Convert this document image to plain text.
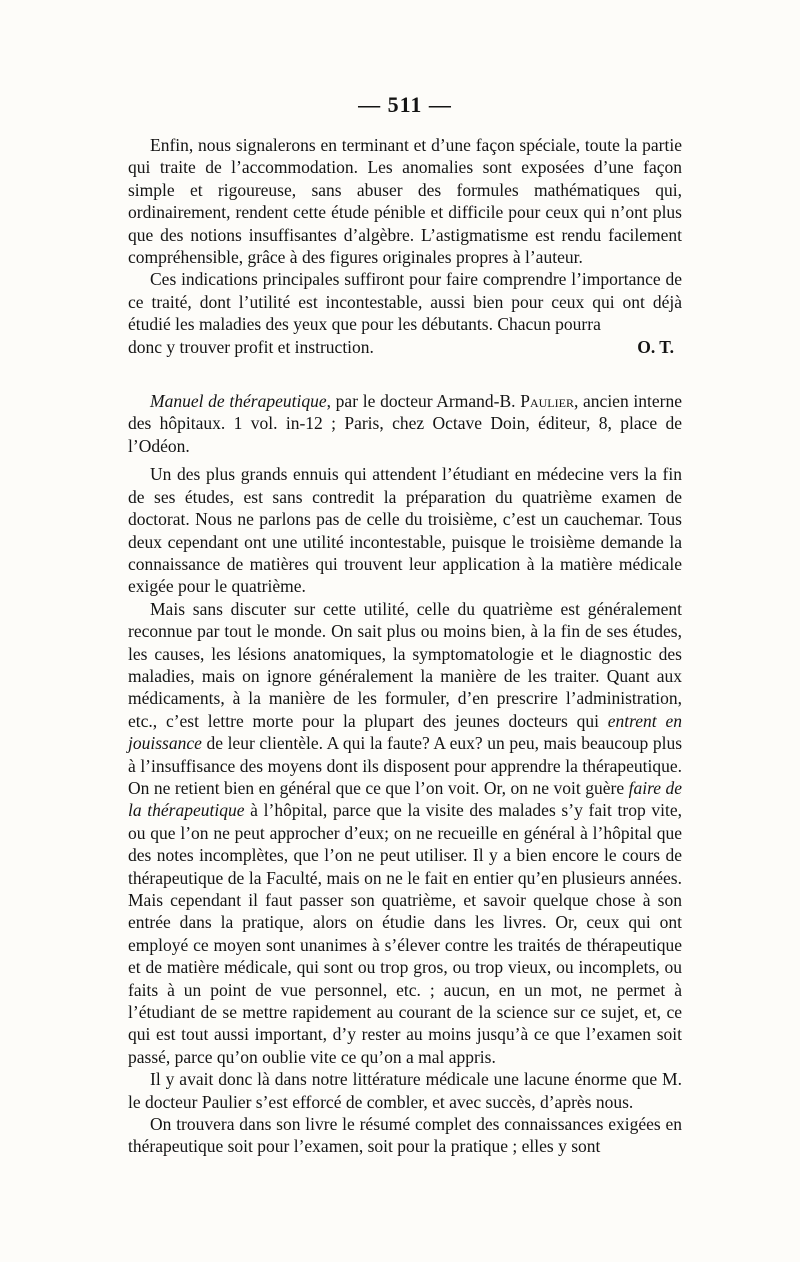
— 511 —

Enfin, nous signalerons en terminant et d’une façon spéciale, toute la partie qui traite de l’accommodation. Les anomalies sont exposées d’une façon simple et rigoureuse, sans abuser des formules mathématiques qui, ordinairement, rendent cette étude pénible et difficile pour ceux qui n’ont plus que des notions insuffisantes d’algèbre. L’astigmatisme est rendu facilement compréhensible, grâce à des figures originales propres à l’auteur.

Ces indications principales suffiront pour faire comprendre l’importance de ce traité, dont l’utilité est incontestable, aussi bien pour ceux qui ont déjà étudié les maladies des yeux que pour les débutants. Chacun pourra

donc y trouver profit et instruction.	O. T.

Manuel de thérapeutique, par le docteur Armand-B. Paulier, ancien interne des hôpitaux. 1 vol. in-12 ; Paris, chez Octave Doin, éditeur, 8, place de l’Odéon.

Un des plus grands ennuis qui attendent l’étudiant en médecine vers la fin de ses études, est sans contredit la préparation du quatrième examen de doctorat. Nous ne parlons pas de celle du troisième, c’est un cauchemar. Tous deux cependant ont une utilité incontestable, puisque le troisième demande la connaissance de matières qui trouvent leur application à la matière médicale exigée pour le quatrième.

Mais sans discuter sur cette utilité, celle du quatrième est généralement reconnue par tout le monde. On sait plus ou moins bien, à la fin de ses études, les causes, les lésions anatomiques, la symptomatologie et le diagnostic des maladies, mais on ignore généralement la manière de les traiter. Quant aux médicaments, à la manière de les formuler, d’en prescrire l’administration, etc., c’est lettre morte pour la plupart des jeunes docteurs qui entrent en jouissance de leur clientèle. A qui la faute? A eux? un peu, mais beaucoup plus à l’insuffisance des moyens dont ils disposent pour apprendre la thérapeutique. On ne retient bien en général que ce que l’on voit. Or, on ne voit guère faire de la thérapeutique à l’hôpital, parce que la visite des malades s’y fait trop vite, ou que l’on ne peut approcher d’eux; on ne recueille en général à l’hôpital que des notes incomplètes, que l’on ne peut utiliser. Il y a bien encore le cours de thérapeutique de la Faculté, mais on ne le fait en entier qu’en plusieurs années. Mais cependant il faut passer son quatrième, et savoir quelque chose à son entrée dans la pratique, alors on étudie dans les livres. Or, ceux qui ont employé ce moyen sont unanimes à s’élever contre les traités de thérapeutique et de matière médicale, qui sont ou trop gros, ou trop vieux, ou incomplets, ou faits à un point de vue personnel, etc. ; aucun, en un mot, ne permet à l’étudiant de se mettre rapidement au courant de la science sur ce sujet, et, ce qui est tout aussi important, d’y rester au moins jusqu’à ce que l’examen soit passé, parce qu’on oublie vite ce qu’on a mal appris.

Il y avait donc là dans notre littérature médicale une lacune énorme que M. le docteur Paulier s’est efforcé de combler, et avec succès, d’après nous.

On trouvera dans son livre le résumé complet des connaissances exigées en thérapeutique soit pour l’examen, soit pour la pratique ; elles y sont
